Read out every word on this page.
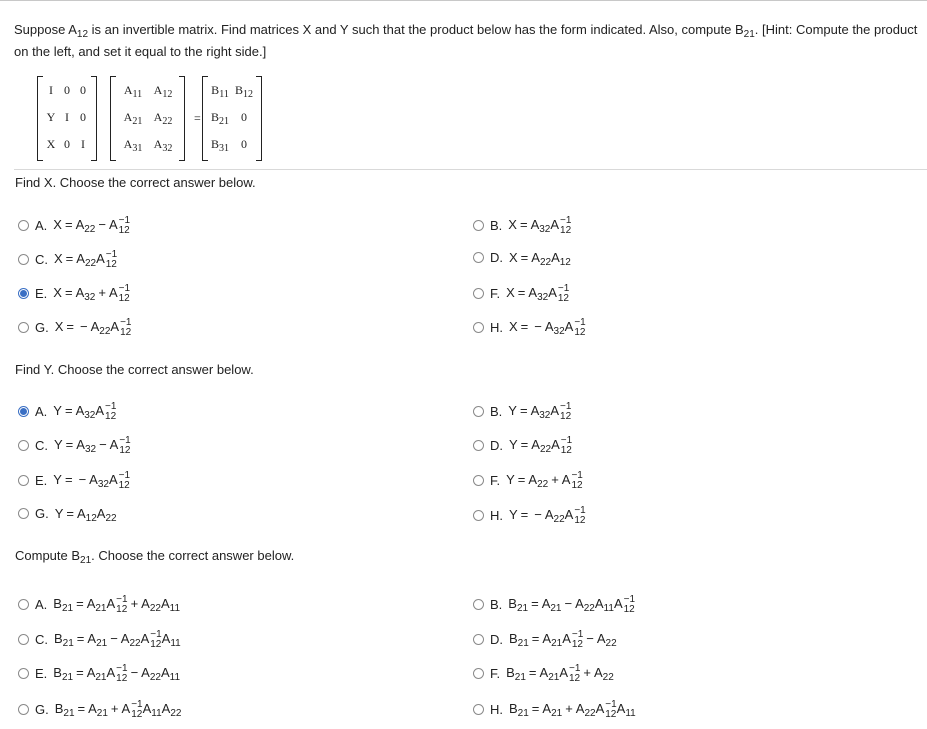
Suppose $A_{12}$ is an invertible matrix. Find matrices X and Y such that the product below has the form indicated. Also, compute $B_{21}$. [Hint: Compute the product on the left, and set it equal to the right side.]
I 0 0
Y I 0
X 0 I
$A_{11}$ $A_{12}$
$A_{21}$ $A_{22}$
$A_{31}$ $A_{32}$
=
$B_{11}$ $B_{12}$
$B_{21}$	0
$B_{31}$	0
Find X. Choose the correct answer below.
A. $X = A_{22} - A -1$
12	B. $X = A_{32}A -1$
12
C. $X = A_{22}A -1$
12	D. $X = A_{22}A_{12}$
E. $X = A_{32} + A -1$
12	F. $X = A_{32}A -1$
12
G. X = − $A_{22}A -1$
12	H. X = − $A_{32}A -1$
12
Find Y. Choose the correct answer below.
A. $Y = A_{32}A -1$
12	B. $Y = A_{32}A -1$
12
C. $Y = A_{32} - A -1$
12	D. $Y = A_{22}A -1$
12
E. Y = − $A_{32}A -1$
12	F. $Y = A_{22} + A -1$
12
G. $Y = A_{12}A_{22}$	H. Y = − $A_{22}A -1$
12
Compute $B_{21}$. Choose the correct answer below.
A. $B_{21} = A_{21}A -1$
$12 + A_{22}A_{11}$	B. $B_{21} = A_{21} - A_{22}A_{11}A -1$
12
C. $B_{21} = A_{21} - A_{22}A -1$
12 $A_{11}$	D. $B_{21} = A_{21}A -1$
$12 - A_{22}$
E. $B_{21} = A_{21}A -1$
$12 - A_{22}A_{11}$	F. $B_{21} = A_{21}A -1$
$12 + A_{22}$
G. $B_{21} = A_{21} + A -1$
12 $A_{11}A_{22}$	H. $B_{21} = A_{21} + A_{22}A -1$
12 $A_{11}$
